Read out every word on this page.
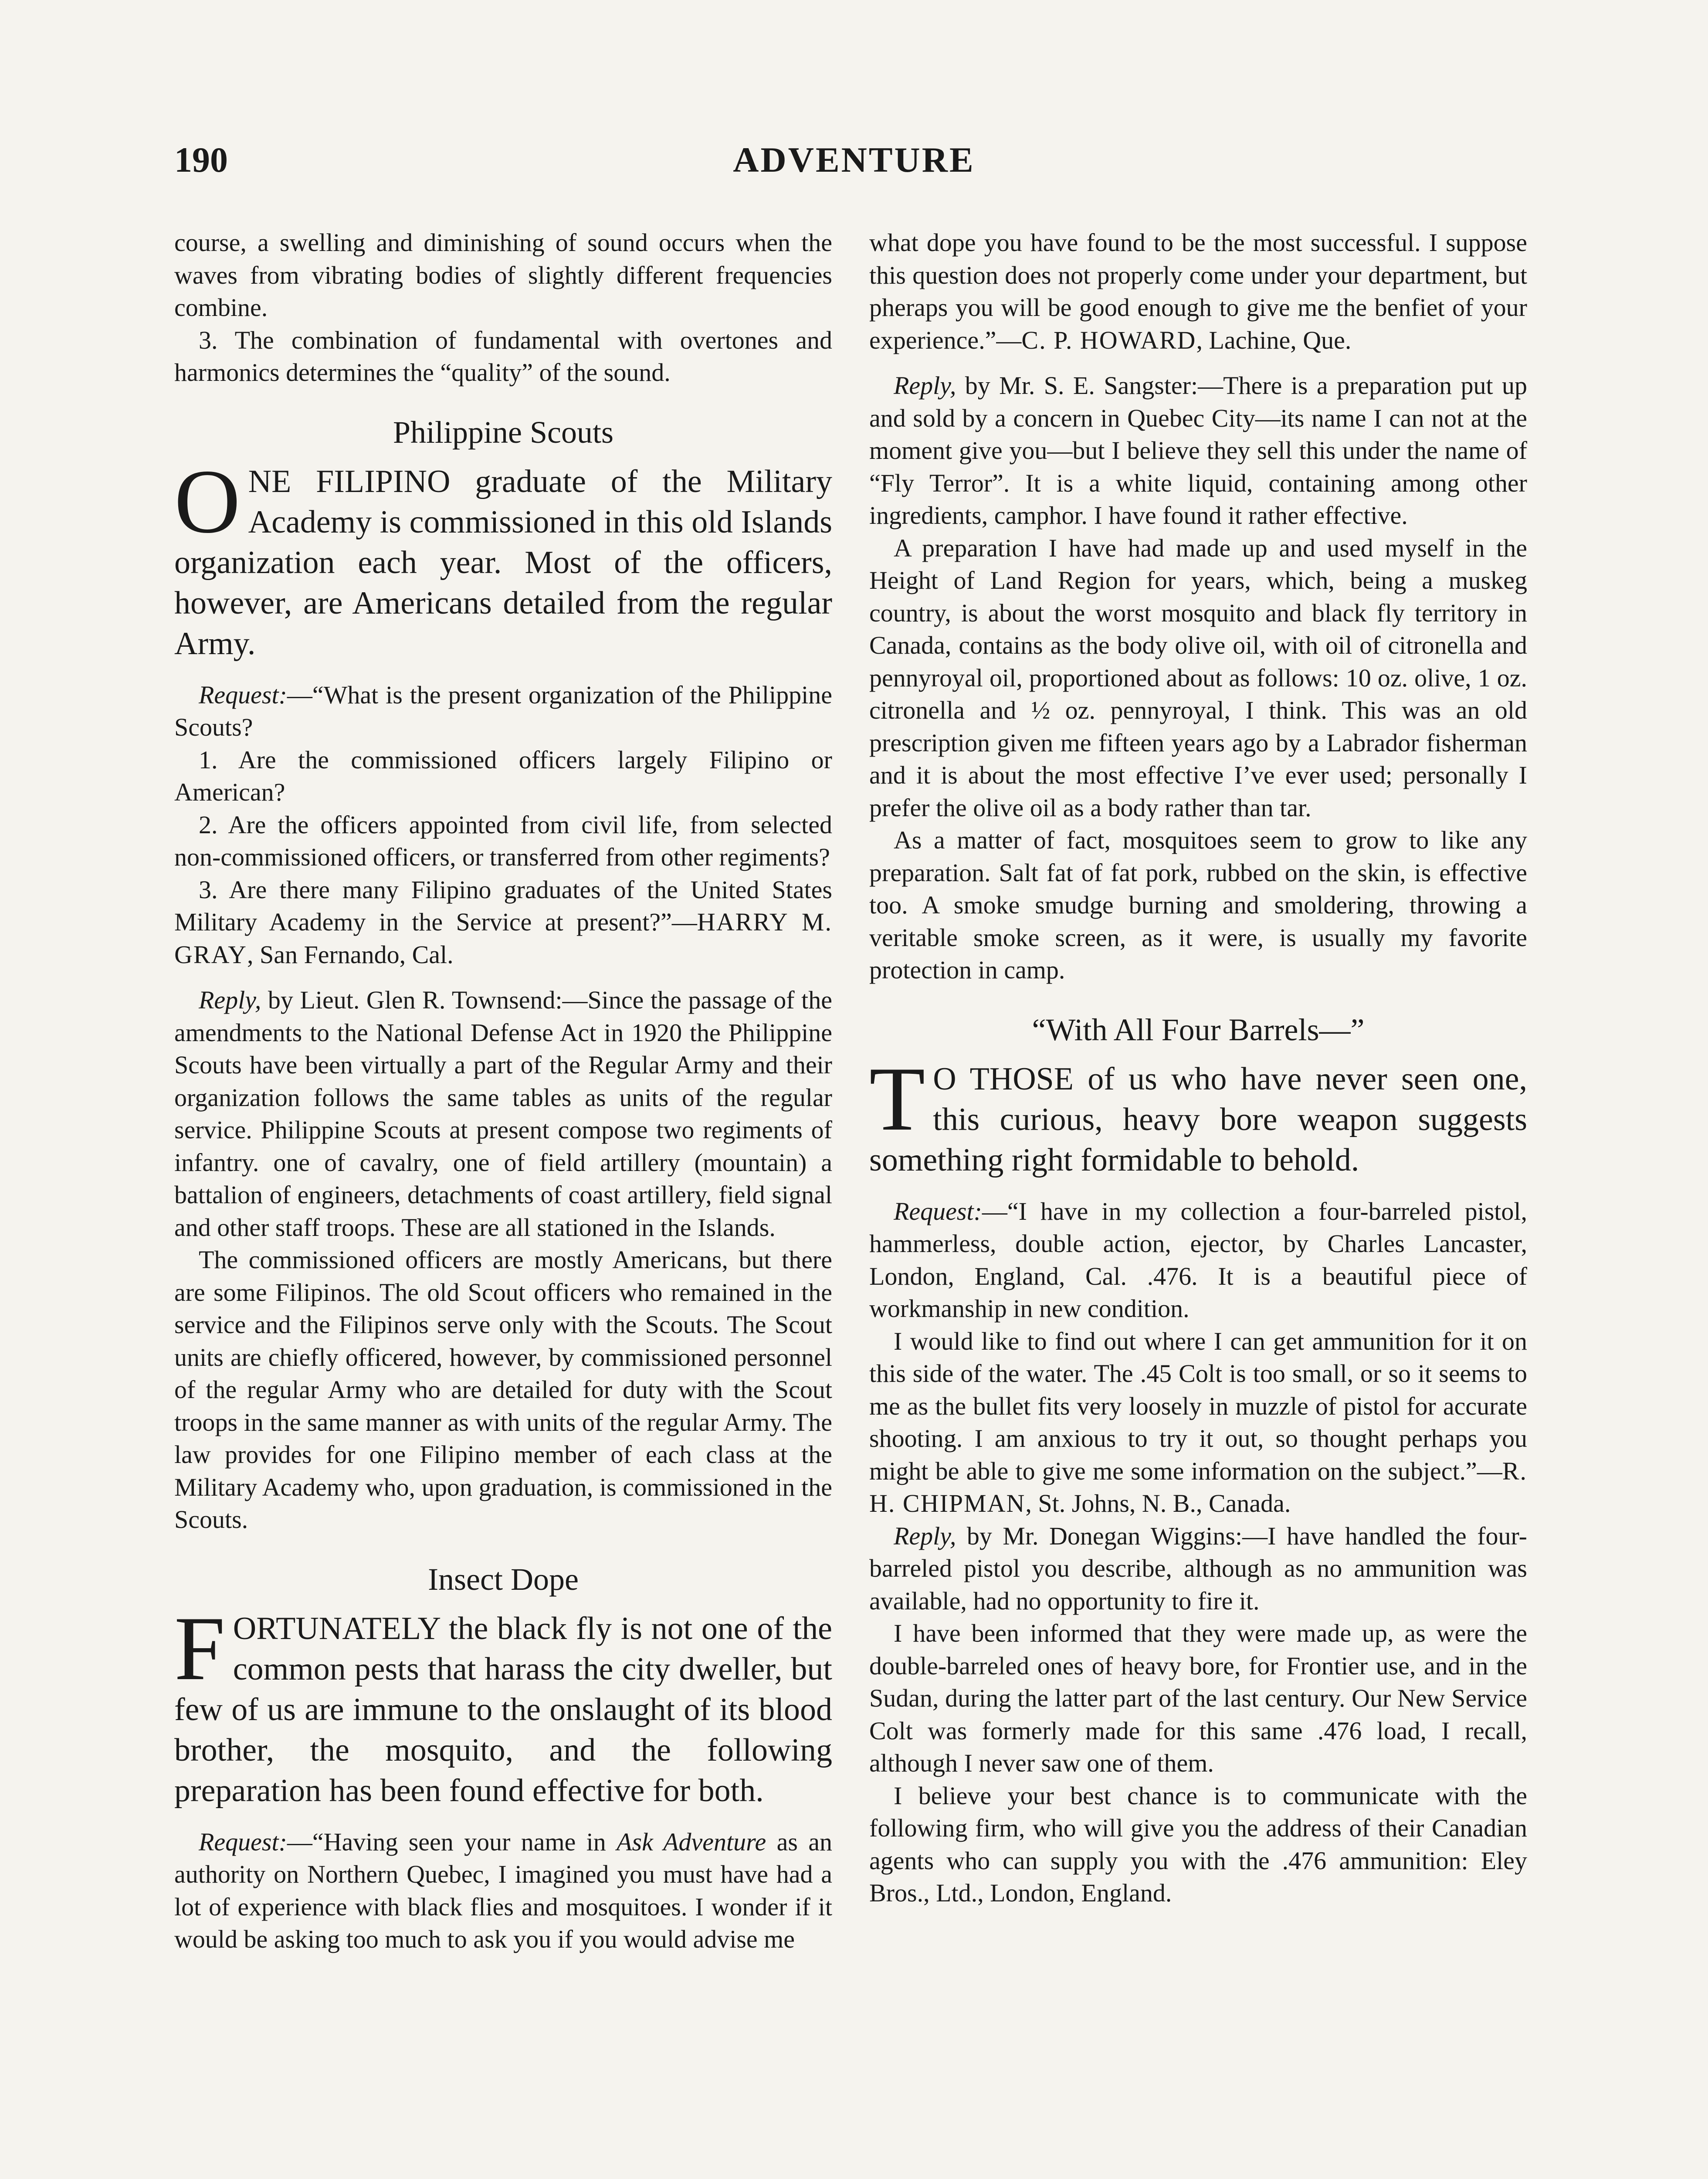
190	ADVENTURE

course, a swelling and diminishing of sound occurs when the waves from vibrating bodies of slightly different frequencies combine.

3. The combination of fundamental with overtones and harmonics determines the “quality” of the sound.

Philippine Scouts
ONE FILIPINO graduate of the Military Academy is commissioned in this old Islands organization each year. Most of the officers, however, are Americans detailed from the regular Army.

Request:—“What is the present organization of the Philippine Scouts?

1. Are the commissioned officers largely Filipino or American?

2. Are the officers appointed from civil life, from selected non-commissioned officers, or transferred from other regiments?

3. Are there many Filipino graduates of the United States Military Academy in the Service at present?”—HARRY M. GRAY, San Fernando, Cal.

Reply, by Lieut. Glen R. Townsend:—Since the passage of the amendments to the National Defense Act in 1920 the Philippine Scouts have been virtually a part of the Regular Army and their organization follows the same tables as units of the regular service. Philippine Scouts at present compose two regiments of infantry. one of cavalry, one of field artillery (mountain) a battalion of engineers, detachments of coast artillery, field signal and other staff troops. These are all stationed in the Islands.

The commissioned officers are mostly Americans, but there are some Filipinos. The old Scout officers who remained in the service and the Filipinos serve only with the Scouts. The Scout units are chiefly officered, however, by commissioned personnel of the regular Army who are detailed for duty with the Scout troops in the same manner as with units of the regular Army. The law provides for one Filipino member of each class at the Military Academy who, upon graduation, is commissioned in the Scouts.

Insect Dope
FORTUNATELY the black fly is not one of the common pests that harass the city dweller, but few of us are immune to the onslaught of its blood brother, the mosquito, and the following preparation has been found effective for both.

Request:—“Having seen your name in Ask Adventure as an authority on Northern Quebec, I imagined you must have had a lot of experience with black flies and mosquitoes. I wonder if it would be asking too much to ask you if you would advise me

what dope you have found to be the most successful. I suppose this question does not properly come under your department, but pheraps you will be good enough to give me the benfiet of your experience.”—C. P. HOWARD, Lachine, Que.

Reply, by Mr. S. E. Sangster:—There is a preparation put up and sold by a concern in Quebec City—its name I can not at the moment give you—but I believe they sell this under the name of “Fly Terror”. It is a white liquid, containing among other ingredients, camphor. I have found it rather effective.

A preparation I have had made up and used myself in the Height of Land Region for years, which, being a muskeg country, is about the worst mosquito and black fly territory in Canada, contains as the body olive oil, with oil of citronella and pennyroyal oil, proportioned about as follows: 10 oz. olive, 1 oz. citronella and ½ oz. pennyroyal, I think. This was an old prescription given me fifteen years ago by a Labrador fisherman and it is about the most effective I’ve ever used; personally I prefer the olive oil as a body rather than tar.

As a matter of fact, mosquitoes seem to grow to like any preparation. Salt fat of fat pork, rubbed on the skin, is effective too. A smoke smudge burning and smoldering, throwing a veritable smoke screen, as it were, is usually my favorite protection in camp.

“With All Four Barrels—”
T O THOSE of us who have never seen one, this curious, heavy bore weapon suggests something right formidable to behold.

Request:—“I have in my collection a four-barreled pistol, hammerless, double action, ejector, by Charles Lancaster, London, England, Cal. .476. It is a beautiful piece of workmanship in new condition.

I would like to find out where I can get ammunition for it on this side of the water. The .45 Colt is too small, or so it seems to me as the bullet fits very loosely in muzzle of pistol for accurate shooting. I am anxious to try it out, so thought perhaps you might be able to give me some information on the subject.”—R. H. CHIPMAN, St. Johns, N. B., Canada.

Reply, by Mr. Donegan Wiggins:—I have handled the four-barreled pistol you describe, although as no ammunition was available, had no opportunity to fire it.

I have been informed that they were made up, as were the double-barreled ones of heavy bore, for Frontier use, and in the Sudan, during the latter part of the last century. Our New Service Colt was formerly made for this same .476 load, I recall, although I never saw one of them.

I believe your best chance is to communicate with the following firm, who will give you the address of their Canadian agents who can supply you with the .476 ammunition: Eley Bros., Ltd., London, England.
